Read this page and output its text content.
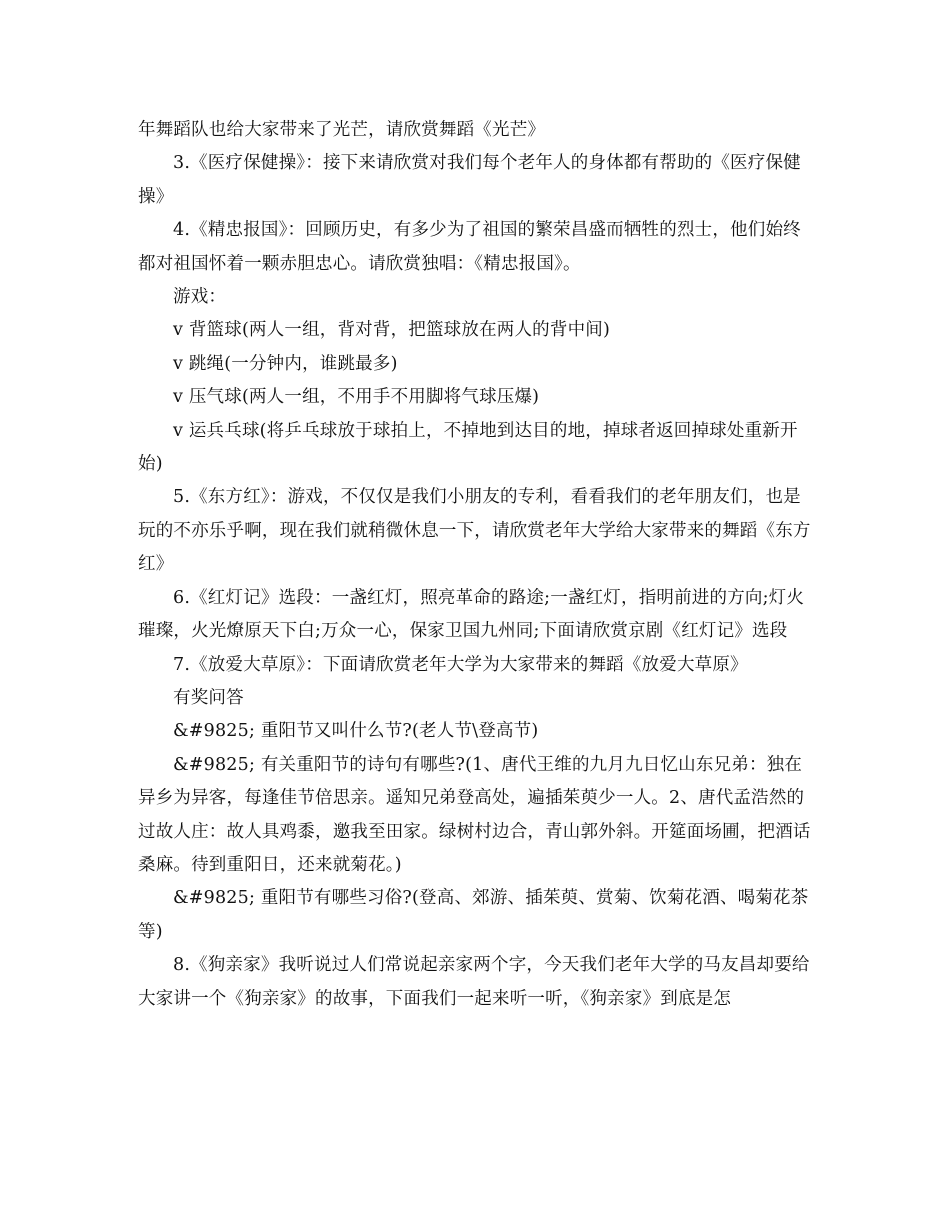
年舞蹈队也给大家带来了光芒，请欣赏舞蹈《光芒》

3.《医疗保健操》：接下来请欣赏对我们每个老年人的身体都有帮助的《医疗保健操》

4.《精忠报国》：回顾历史，有多少为了祖国的繁荣昌盛而牺牲的烈士，他们始终都对祖国怀着一颗赤胆忠心。请欣赏独唱：《精忠报国》。

游戏：

v 背篮球(两人一组，背对背，把篮球放在两人的背中间)

v 跳绳(一分钟内，谁跳最多)

v 压气球(两人一组，不用手不用脚将气球压爆)

v 运兵乓球(将乒乓球放于球拍上，不掉地到达目的地，掉球者返回掉球处重新开始)

5.《东方红》：游戏，不仅仅是我们小朋友的专利，看看我们的老年朋友们，也是玩的不亦乐乎啊，现在我们就稍微休息一下，请欣赏老年大学给大家带来的舞蹈《东方红》

6.《红灯记》选段：一盏红灯，照亮革命的路途;一盏红灯，指明前进的方向;灯火璀璨，火光燎原天下白;万众一心，保家卫国九州同;下面请欣赏京剧《红灯记》选段

7.《放爱大草原》：下面请欣赏老年大学为大家带来的舞蹈《放爱大草原》

有奖问答

&#9825; 重阳节又叫什么节?(老人节\登高节)

&#9825; 有关重阳节的诗句有哪些?(1、唐代王维的九月九日忆山东兄弟：独在异乡为异客，每逢佳节倍思亲。遥知兄弟登高处，遍插茱萸少一人。2、唐代孟浩然的过故人庄：故人具鸡黍，邀我至田家。绿树村边合，青山郭外斜。开筵面场圃，把酒话桑麻。待到重阳日，还来就菊花。)

&#9825; 重阳节有哪些习俗?(登高、郊游、插茱萸、赏菊、饮菊花酒、喝菊花茶等)

8.《狗亲家》我听说过人们常说起亲家两个字，今天我们老年大学的马友昌却要给大家讲一个《狗亲家》的故事，下面我们一起来听一听，《狗亲家》到底是怎
